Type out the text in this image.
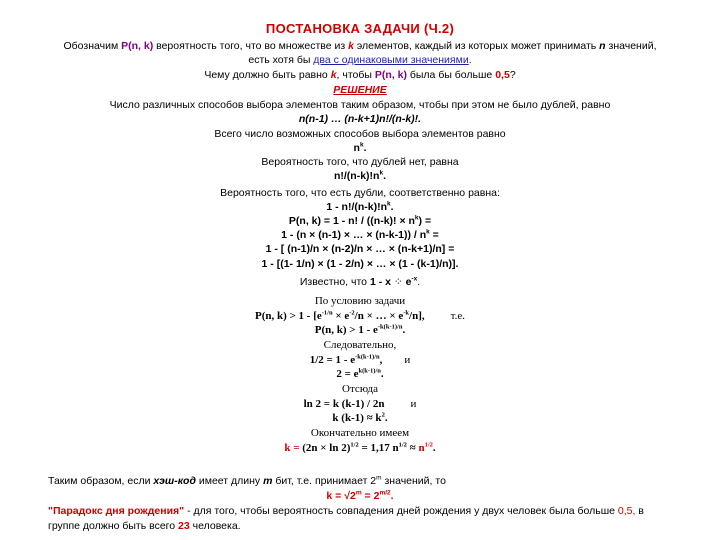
ПОСТАНОВКА ЗАДАЧИ (Ч.2)
Обозначим P(n, k) вероятность того, что во множестве из k элементов, каждый из которых может принимать n значений,
есть хотя бы два с одинаковыми значениями.
Чему должно быть равно k, чтобы P(n, k) была бы больше 0,5?
РЕШЕНИЕ
Число различных способов выбора элементов таким образом, чтобы при этом не было дублей, равно
n(n-1) … (n-k+1)n!/(n-k)!.
Всего число возможных способов выбора элементов равно
$n^k$.
Вероятность того, что дублей нет, равна
$n!/(n-k)!n^k$.
Вероятность того, что есть дубли, соответственно равна:
$1 - n!/(n-k)!n^k$.
P(n, k) = 1 - n! / ((n-k)! × $n^k$) =
1 - (n × (n-1) × … × $(n-k-1)) / n^k$ =
1 - [ (n-1)/n × (n-2)/n × … × (n-k+1)/n] =
1 - [(1- 1/n) × (1 - 2/n) × … × (1 - (k-1)/n)].
Известно, что 1 - x ⁘ $e^{-x}$.
По условию задачи
P(n, $k) > 1 - [e^{-1/n} \times e^{-2}/n$ × … × $e^{-k}/n$], т.е.
P(n, $k) > 1 - e^{-k(k-1)/n}$.
Следовательно,
$1/2 = 1 - e^{-k(k-1)/n}$, и
$2 = e^{k(k-1)/n}$.
Отсюда
ln 2 = k (k-1) / 2n и
k $(k-1) \approx k^2$.
Окончательно имеем
$k = (2n \times \ln 2)^{1/2} = 1,17$ $n^{1/2} \approx n^{1/2}$.
Таким образом, если хэш-код имеет длину m бит, т.е. принимает 2$^m$ значений, то
$k = √2^m = 2^{m/2}$.
"Парадокс дня рождения" - для того, чтобы вероятность совпадения дней рождения у двух человек была больше 0,5, в
группе должно быть всего 23 человека.
